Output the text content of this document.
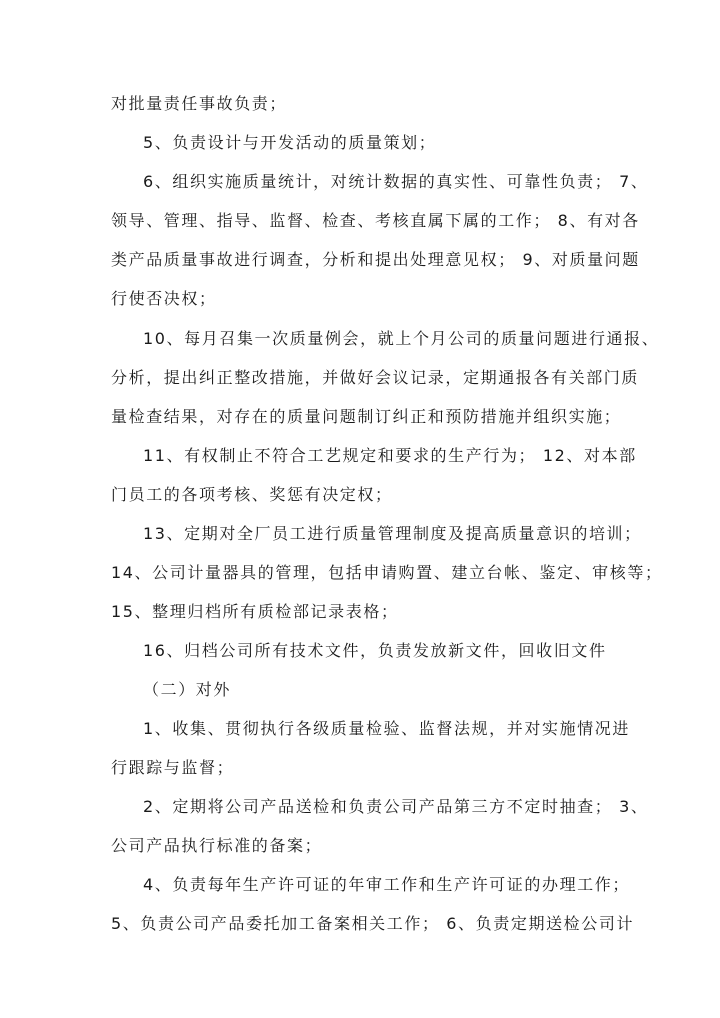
对批量责任事故负责；
5、负责设计与开发活动的质量策划；
6、组织实施质量统计，对统计数据的真实性、可靠性负责； 7、
领导、管理、指导、监督、检查、考核直属下属的工作； 8、有对各
类产品质量事故进行调查，分析和提出处理意见权； 9、对质量问题
行使否决权；
10、每月召集一次质量例会，就上个月公司的质量问题进行通报、
分析，提出纠正整改措施，并做好会议记录，定期通报各有关部门质
量检查结果，对存在的质量问题制订纠正和预防措施并组织实施；
11、有权制止不符合工艺规定和要求的生产行为； 12、对本部
门员工的各项考核、奖惩有决定权；
13、定期对全厂员工进行质量管理制度及提高质量意识的培训；
14、公司计量器具的管理，包括申请购置、建立台帐、鉴定、审核等；
15、整理归档所有质检部记录表格；
16、归档公司所有技术文件，负责发放新文件，回收旧文件
（二）对外
1、收集、贯彻执行各级质量检验、监督法规，并对实施情况进
行跟踪与监督；
2、定期将公司产品送检和负责公司产品第三方不定时抽查； 3、
公司产品执行标准的备案；
4、负责每年生产许可证的年审工作和生产许可证的办理工作；
5、负责公司产品委托加工备案相关工作； 6、负责定期送检公司计
